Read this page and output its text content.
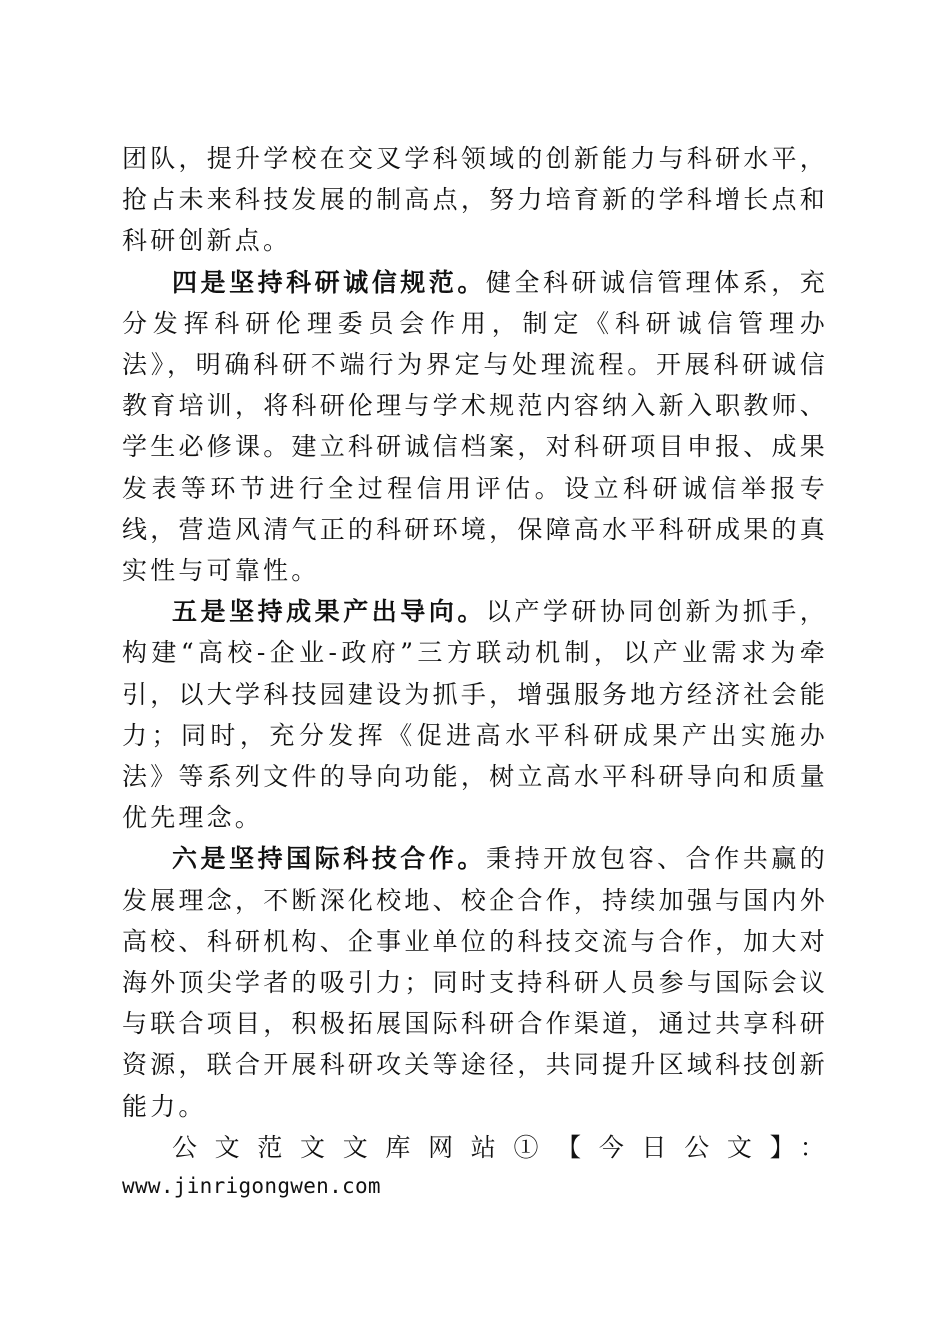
团队，提升学校在交叉学科领域的创新能力与科研水平，抢占未来科技发展的制高点，努力培育新的学科增长点和科研创新点。

四是坚持科研诚信规范。健全科研诚信管理体系，充分发挥科研伦理委员会作用，制定《科研诚信管理办法》，明确科研不端行为界定与处理流程。开展科研诚信教育培训，将科研伦理与学术规范内容纳入新入职教师、学生必修课。建立科研诚信档案，对科研项目申报、成果发表等环节进行全过程信用评估。设立科研诚信举报专线，营造风清气正的科研环境，保障高水平科研成果的真实性与可靠性。

五是坚持成果产出导向。以产学研协同创新为抓手，构建“高校-企业-政府”三方联动机制，以产业需求为牵引，以大学科技园建设为抓手，增强服务地方经济社会能力；同时，充分发挥《促进高水平科研成果产出实施办法》等系列文件的导向功能，树立高水平科研导向和质量优先理念。

六是坚持国际科技合作。秉持开放包容、合作共赢的发展理念，不断深化校地、校企合作，持续加强与国内外高校、科研机构、企事业单位的科技交流与合作，加大对海外顶尖学者的吸引力；同时支持科研人员参与国际会议与联合项目，积极拓展国际科研合作渠道，通过共享科研资源，联合开展科研攻关等途径，共同提升区域科技创新能力。

公文范文文库网站①【今日公文】：

www.jinrigongwen.com
